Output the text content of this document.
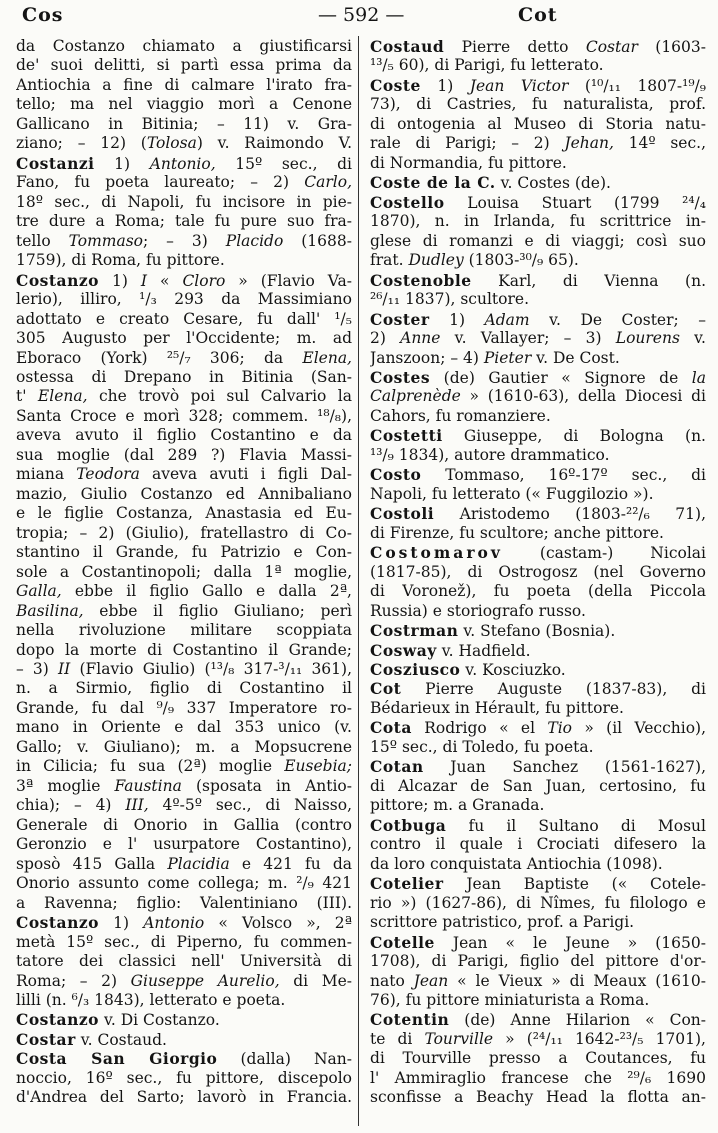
Cos	— 592 —	Cot
da Costanzo chiamato a giustificarsi
de' suoi delitti, si partì essa prima da
Antiochia a fine di calmare l'irato fra-
tello; ma nel viaggio morì a Cenone
Gallicano in Bitinia; – 11) v. Gra-
ziano; – 12) (Tolosa) v. Raimondo V.
Costanzi 1) Antonio, 15º sec., di
Fano, fu poeta laureato; – 2) Carlo,
18º sec., di Napoli, fu incisore in pie-
tre dure a Roma; tale fu pure suo fra-
tello Tommaso; – 3) Placido (1688-
1759), di Roma, fu pittore.
Costanzo 1) I « Cloro » (Flavio Va-
lerio), illiro, ¹/₃ 293 da Massimiano
adottato e creato Cesare, fu dall' ¹/₅
305 Augusto per l'Occidente; m. ad
Eboraco (York) ²⁵/₇ 306; da Elena,
ostessa di Drepano in Bitinia (San-
t' Elena, che trovò poi sul Calvario la
Santa Croce e morì 328; commem. ¹⁸/₈),
aveva avuto il figlio Costantino e da
sua moglie (dal 289 ?) Flavia Massi-
miana Teodora aveva avuti i figli Dal-
mazio, Giulio Costanzo ed Annibaliano
e le figlie Costanza, Anastasia ed Eu-
tropia; – 2) (Giulio), fratellastro di Co-
stantino il Grande, fu Patrizio e Con-
sole a Costantinopoli; dalla 1ª moglie,
Galla, ebbe il figlio Gallo e dalla 2ª,
Basilina, ebbe il figlio Giuliano; perì
nella rivoluzione militare scoppiata
dopo la morte di Costantino il Grande;
– 3) II (Flavio Giulio) (¹³/₈ 317-³/₁₁ 361),
n. a Sirmio, figlio di Costantino il
Grande, fu dal ⁹/₉ 337 Imperatore ro-
mano in Oriente e dal 353 unico (v.
Gallo; v. Giuliano); m. a Mopsucrene
in Cilicia; fu sua (2ª) moglie Eusebia;
3ª moglie Faustina (sposata in Antio-
chia); – 4) III, 4º-5º sec., di Naisso,
Generale di Onorio in Gallia (contro
Geronzio e l' usurpatore Costantino),
sposò 415 Galla Placidia e 421 fu da
Onorio assunto come collega; m. ²/₉ 421
a Ravenna; figlio: Valentiniano (III).
Costanzo 1) Antonio « Volsco », 2ª
metà 15º sec., di Piperno, fu commen-
tatore dei classici nell' Università di
Roma; – 2) Giuseppe Aurelio, di Me-
lilli (n. ⁶/₃ 1843), letterato e poeta.
Costanzo v. Di Costanzo.
Costar v. Costaud.
Costa San Giorgio (dalla) Nan-
noccio, 16º sec., fu pittore, discepolo
d'Andrea del Sarto; lavorò in Francia.
Costaud Pierre detto Costar (1603-
¹³/₅ 60), di Parigi, fu letterato.
Coste 1) Jean Victor (¹⁰/₁₁ 1807-¹⁹/₉
73), di Castries, fu naturalista, prof.
di ontogenia al Museo di Storia natu-
rale di Parigi; – 2) Jehan, 14º sec.,
di Normandia, fu pittore.
Coste de la C. v. Costes (de).
Costello Louisa Stuart (1799 ²⁴/₄
1870), n. in Irlanda, fu scrittrice in-
glese di romanzi e di viaggi; così suo
frat. Dudley (1803-³⁰/₉ 65).
Costenoble Karl, di Vienna (n.
²⁶/₁₁ 1837), scultore.
Coster 1) Adam v. De Coster; –
2) Anne v. Vallayer; – 3) Lourens v.
Janszoon; – 4) Pieter v. De Cost.
Costes (de) Gautier « Signore de la
Calprenède » (1610-63), della Diocesi di
Cahors, fu romanziere.
Costetti Giuseppe, di Bologna (n.
¹³/₉ 1834), autore drammatico.
Costo Tommaso, 16º-17º sec., di
Napoli, fu letterato (« Fuggilozio »).
Costoli Aristodemo (1803-²²/₆ 71),
di Firenze, fu scultore; anche pittore.
Costomarov (castam-) Nicolai
(1817-85), di Ostrogosz (nel Governo
di Voronež), fu poeta (della Piccola
Russia) e storiografo russo.
Costrman v. Stefano (Bosnia).
Cosway v. Hadfield.
Cosziusco v. Kosciuzko.
Cot Pierre Auguste (1837-83), di
Bédarieux in Hérault, fu pittore.
Cota Rodrigo « el Tio » (il Vecchio),
15º sec., di Toledo, fu poeta.
Cotan Juan Sanchez (1561-1627),
di Alcazar de San Juan, certosino, fu
pittore; m. a Granada.
Cotbuga fu il Sultano di Mosul
contro il quale i Crociati difesero la
da loro conquistata Antiochia (1098).
Cotelier Jean Baptiste (« Cotele-
rio ») (1627-86), di Nîmes, fu filologo e
scrittore patristico, prof. a Parigi.
Cotelle Jean « le Jeune » (1650-
1708), di Parigi, figlio del pittore d'or-
nato Jean « le Vieux » di Meaux (1610-
76), fu pittore miniaturista a Roma.
Cotentin (de) Anne Hilarion « Con-
te di Tourville » (²⁴/₁₁ 1642-²³/₅ 1701),
di Tourville presso a Coutances, fu
l' Ammiraglio francese che ²⁹/₆ 1690
sconfisse a Beachy Head la flotta an-
